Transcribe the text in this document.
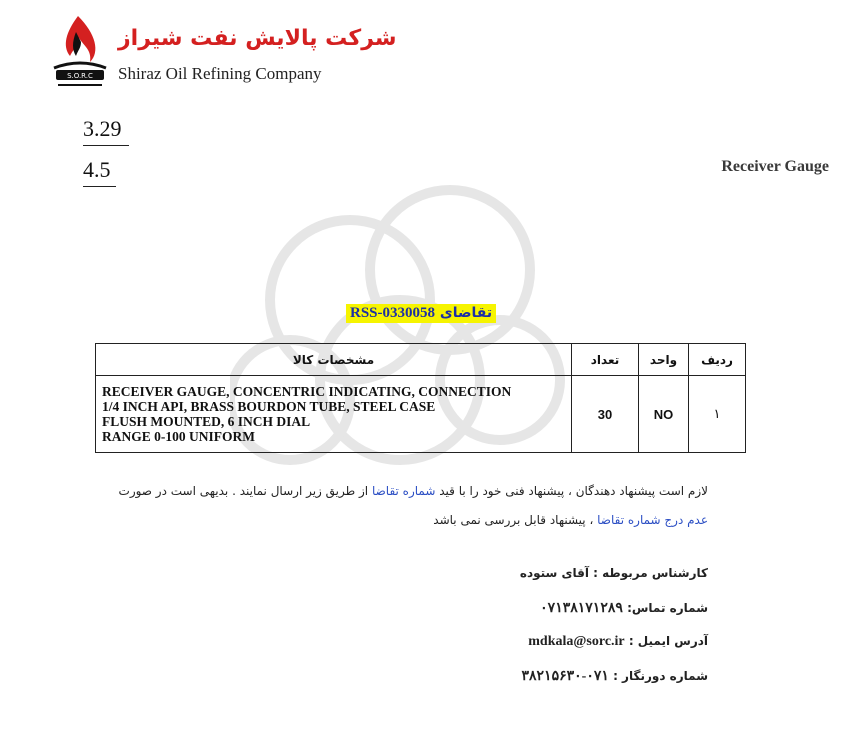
S.O.R.C
شرکت پالایش نفت شیراز
Shiraz Oil Refining Company
3.29
4.5	Receiver Gauge
تقاضای RSS-0330058
ردیف	واحد	تعداد	مشخصات کالا
۱	NO	30	RECEIVER GAUGE, CONCENTRIC INDICATING, CONNECTION
1/4 INCH API, BRASS BOURDON TUBE, STEEL CASE
FLUSH MOUNTED, 6 INCH DIAL
RANGE 0-100 UNIFORM
لازم است پیشنهاد دهندگان ، پیشنهاد فنی خود را با قید شماره تقاضا از طریق زیر ارسال نمایند . بدیهی است در صورت عدم درج شماره تقاضا ، پیشنهاد قابل بررسی نمی باشد
کارشناس مربوطه : آقای ستوده
شماره تماس: ۰۷۱۳۸۱۷۱۲۸۹
آدرس ایمیل : mdkala@sorc.ir
شماره دورنگار : ۰۷۱-۳۸۲۱۵۶۳۰
